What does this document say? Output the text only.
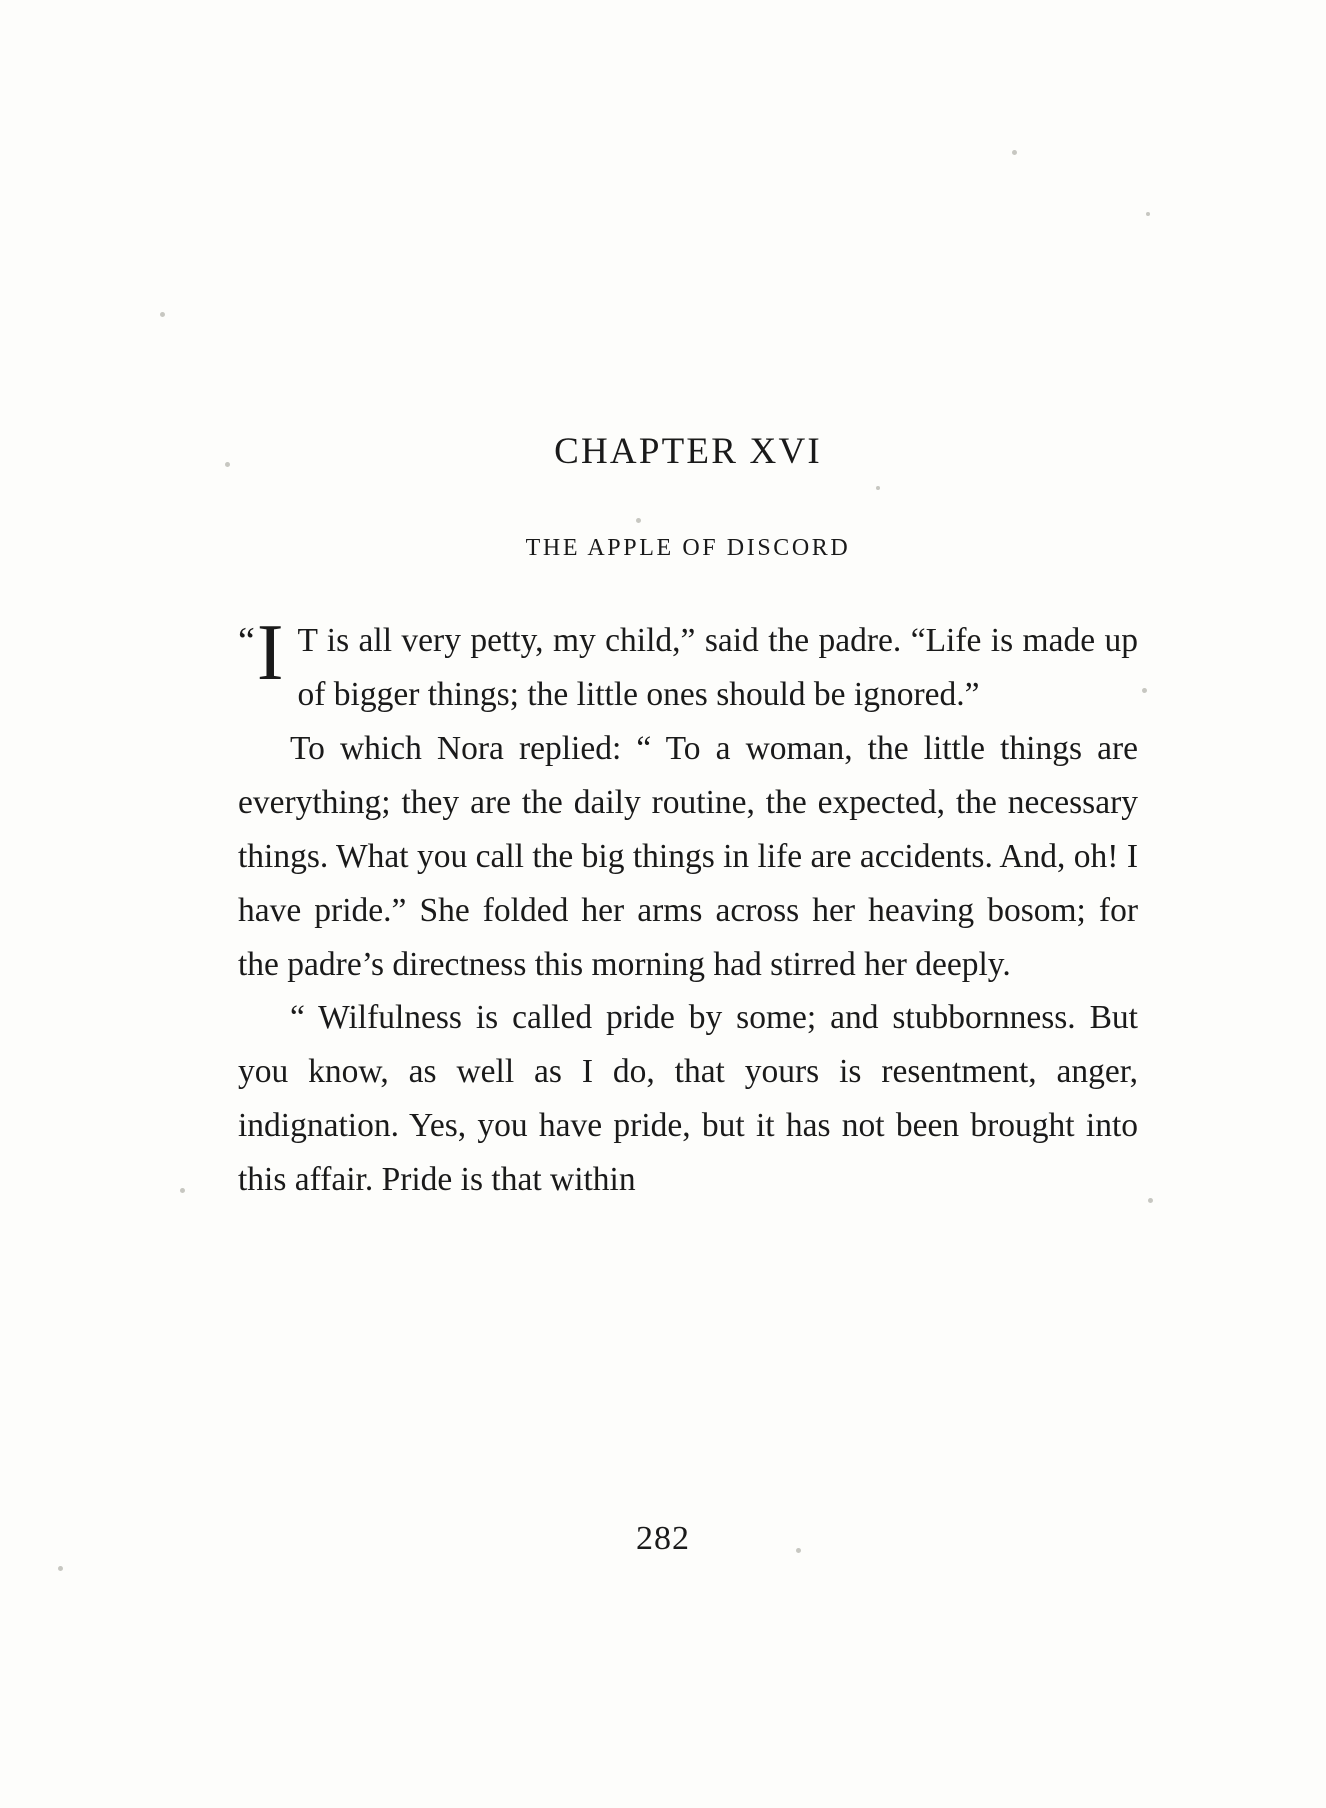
CHAPTER XVI
THE APPLE OF DISCORD

“ I T is all very petty, my child,” said the padre. “Life is made up of bigger things; the little ones should be ignored.”

To which Nora replied: “ To a woman, the little things are everything; they are the daily routine, the expected, the necessary things. What you call the big things in life are accidents. And, oh! I have pride.” She folded her arms across her heaving bosom; for the padre’s directness this morning had stirred her deeply.

“ Wilfulness is called pride by some; and stubbornness. But you know, as well as I do, that yours is resentment, anger, indignation. Yes, you have pride, but it has not been brought into this affair. Pride is that within

282
